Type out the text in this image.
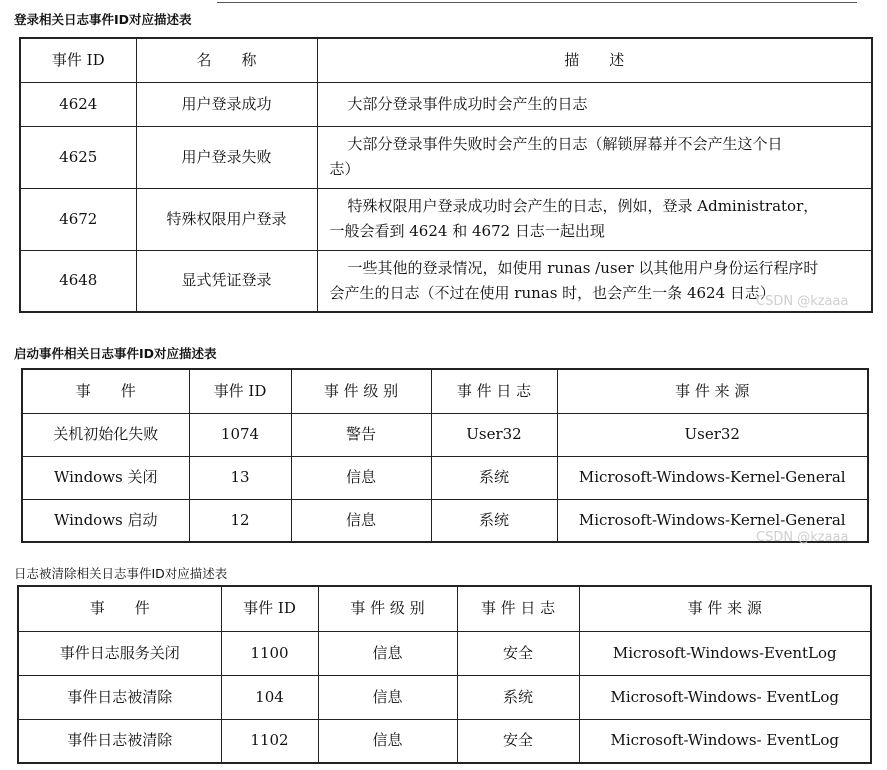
登录相关日志事件ID对应描述表
事件 ID	名　　称	描　　述
4624	用户登录成功	大部分登录事件成功时会产生的日志
4625	用户登录失败	大部分登录事件失败时会产生的日志（解锁屏幕并不会产生这个日
志）
4672	特殊权限用户登录	特殊权限用户登录成功时会产生的日志，例如，登录 Administrator，
一般会看到 4624 和 4672 日志一起出现
4648	显式凭证登录	一些其他的登录情况，如使用 runas /user 以其他用户身份运行程序时
会产生的日志（不过在使用 runas 时，也会产生一条 4624 日志）
CSDN @kzaaa
启动事件相关日志事件ID对应描述表
事　　件	事件 ID	事 件 级 别	事 件 日 志	事 件 来 源
关机初始化失败	1074	警告	User32	User32
Windows 关闭	13	信息	系统	Microsoft-Windows-Kernel-General
Windows 启动	12	信息	系统	Microsoft-Windows-Kernel-General
CSDN @kzaaa
日志被清除相关日志事件ID对应描述表
事　　件	事件 ID	事 件 级 别	事 件 日 志	事 件 来 源
事件日志服务关闭	1100	信息	安全	Microsoft-Windows-EventLog
事件日志被清除	104	信息	系统	Microsoft-Windows- EventLog
事件日志被清除	1102	信息	安全	Microsoft-Windows- EventLog
